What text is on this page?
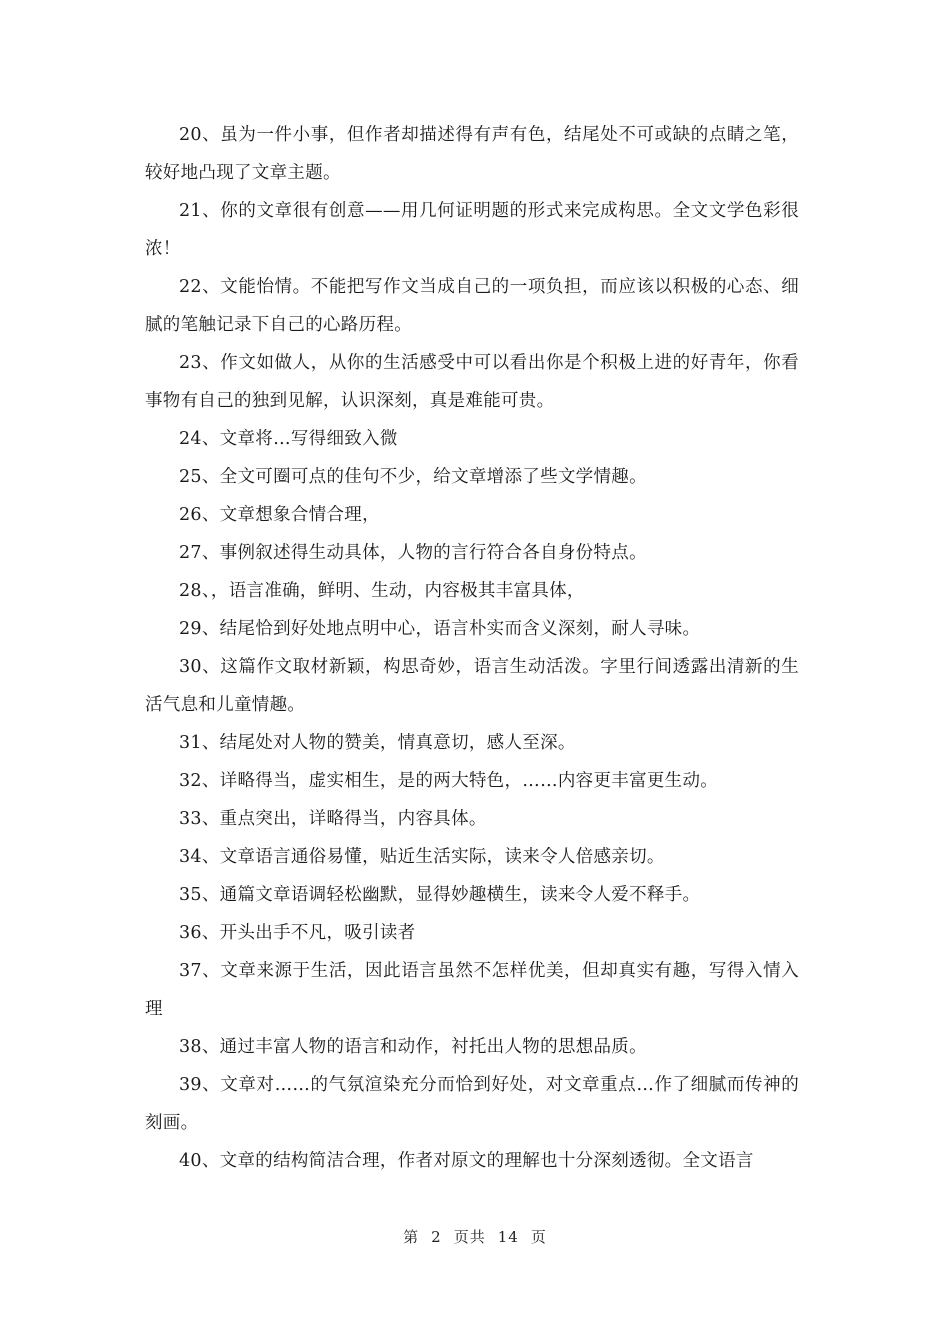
20、虽为一件小事，但作者却描述得有声有色，结尾处不可或缺的点睛之笔，较好地凸现了文章主题。

21、你的文章很有创意——用几何证明题的形式来完成构思。全文文学色彩很浓！

22、文能怡情。不能把写作文当成自己的一项负担，而应该以积极的心态、细腻的笔触记录下自己的心路历程。

23、作文如做人，从你的生活感受中可以看出你是个积极上进的好青年，你看事物有自己的独到见解，认识深刻，真是难能可贵。

24、文章将…写得细致入微

25、全文可圈可点的佳句不少，给文章增添了些文学情趣。

26、文章想象合情合理，

27、事例叙述得生动具体，人物的言行符合各自身份特点。

28、，语言准确，鲜明、生动，内容极其丰富具体，

29、结尾恰到好处地点明中心，语言朴实而含义深刻，耐人寻味。

30、这篇作文取材新颖，构思奇妙，语言生动活泼。字里行间透露出清新的生活气息和儿童情趣。

31、结尾处对人物的赞美，情真意切，感人至深。

32、详略得当，虚实相生，是的两大特色，……内容更丰富更生动。

33、重点突出，详略得当，内容具体。

34、文章语言通俗易懂，贴近生活实际，读来令人倍感亲切。

35、通篇文章语调轻松幽默，显得妙趣横生，读来令人爱不释手。

36、开头出手不凡，吸引读者

37、文章来源于生活，因此语言虽然不怎样优美，但却真实有趣，写得入情入理

38、通过丰富人物的语言和动作，衬托出人物的思想品质。

39、文章对……的气氛渲染充分而恰到好处，对文章重点…作了细腻而传神的刻画。

40、文章的结构简洁合理，作者对原文的理解也十分深刻透彻。全文语言

第 2 页共 14 页
